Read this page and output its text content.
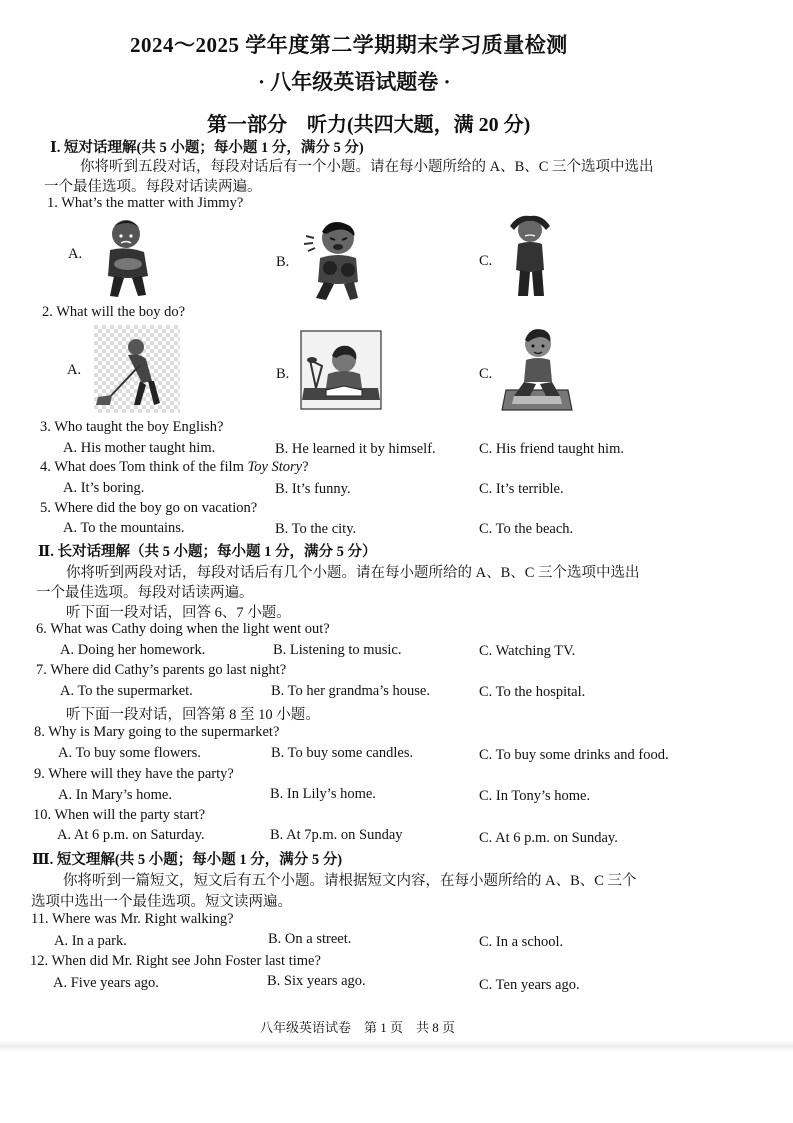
2024～2025 学年度第二学期期末学习质量检测
· 八年级英语试题卷 ·
第一部分　听力(共四大题，满 20 分)
Ⅰ. 短对话理解(共 5 小题；每小题 1 分，满分 5 分)
你将听到五段对话，每段对话后有一个小题。请在每小题所给的 A、B、C 三个选项中选出
一个最佳选项。每段对话读两遍。
1. What’s the matter with Jimmy?
A.	B.	C.
2. What will the boy do?
A.	B.	C.
3. Who taught the boy English?
A. His mother taught him.	B. He learned it by himself.	C. His friend taught him.
4. What does Tom think of the film Toy Story?
A. It’s boring.	B. It’s funny.	C. It’s terrible.
5. Where did the boy go on vacation?
A. To the mountains.	B. To the city.	C. To the beach.
Ⅱ. 长对话理解（共 5 小题；每小题 1 分，满分 5 分）
你将听到两段对话，每段对话后有几个小题。请在每小题所给的 A、B、C 三个选项中选出
一个最佳选项。每段对话读两遍。
听下面一段对话，回答 6、7 小题。
6. What was Cathy doing when the light went out?
A. Doing her homework.	B. Listening to music.	C. Watching TV.
7. Where did Cathy’s parents go last night?
A. To the supermarket.	B. To her grandma’s house.	C. To the hospital.
听下面一段对话，回答第 8 至 10 小题。
8. Why is Mary going to the supermarket?
A. To buy some flowers.	B. To buy some candles.	C. To buy some drinks and food.
9. Where will they have the party?
A. In Mary’s home.	B. In Lily’s home.	C. In Tony’s home.
10. When will the party start?
A. At 6 p.m. on Saturday.	B. At 7p.m. on Sunday	C. At 6 p.m. on Sunday.
Ⅲ. 短文理解(共 5 小题；每小题 1 分，满分 5 分)
你将听到一篇短文，短文后有五个小题。请根据短文内容，在每小题所给的 A、B、C 三个
选项中选出一个最佳选项。短文读两遍。
11. Where was Mr. Right walking?
A. In a park.	B. On a street.	C. In a school.
12. When did Mr. Right see John Foster last time?
A. Five years ago.	B. Six years ago.	C. Ten years ago.
八年级英语试卷　第 1 页　共 8 页
